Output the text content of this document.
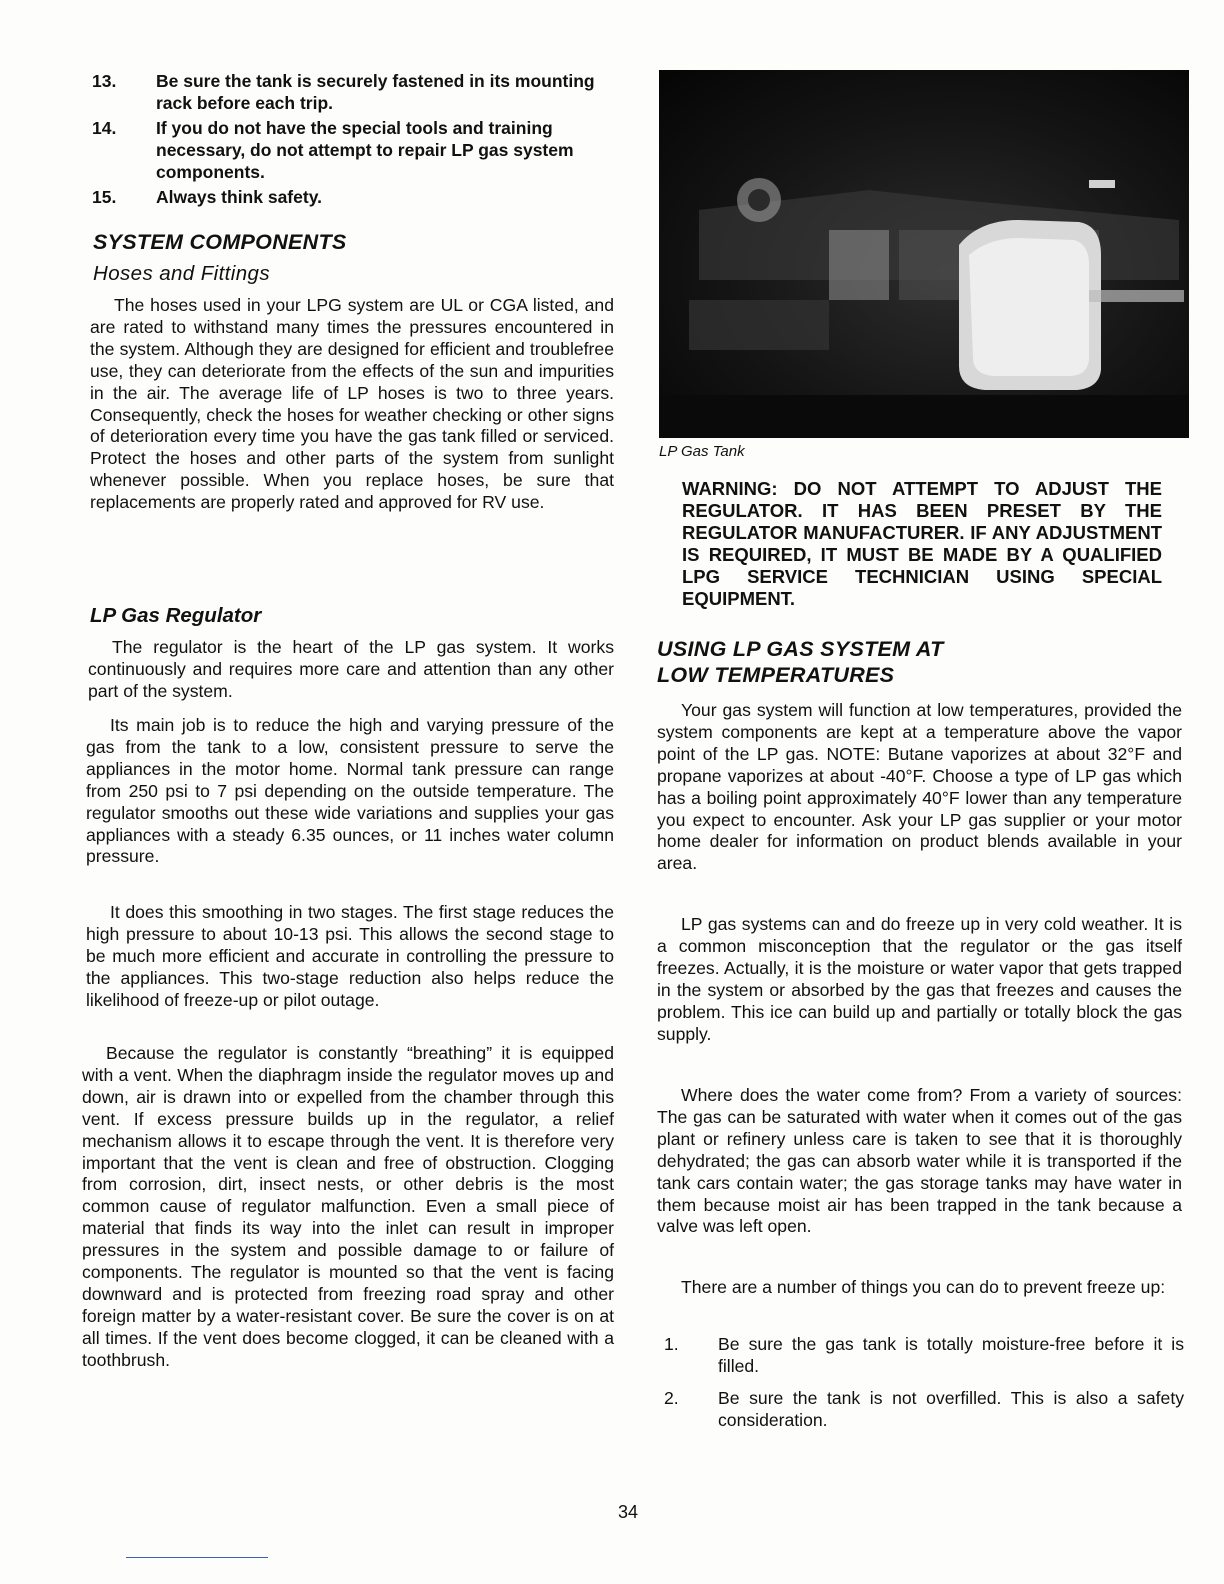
13.	Be sure the tank is securely fastened in its mounting rack before each trip.
14.	If you do not have the special tools and training necessary, do not attempt to repair LP gas system components.
15.	Always think safety.
SYSTEM COMPONENTS
Hoses and Fittings

The hoses used in your LPG system are UL or CGA listed, and are rated to withstand many times the pressures encountered in the system. Although they are designed for efficient and troublefree use, they can deteriorate from the effects of the sun and impurities in the air. The average life of LP hoses is two to three years. Consequently, check the hoses for weather checking or other signs of deterioration every time you have the gas tank filled or serviced. Protect the hoses and other parts of the system from sunlight whenever possible. When you replace hoses, be sure that replacements are properly rated and approved for RV use.

LP Gas Regulator

The regulator is the heart of the LP gas system. It works continuously and requires more care and attention than any other part of the system.

Its main job is to reduce the high and varying pressure of the gas from the tank to a low, consistent pressure to serve the appliances in the motor home. Normal tank pressure can range from 250 psi to 7 psi depending on the outside temperature. The regulator smooths out these wide variations and supplies your gas appliances with a steady 6.35 ounces, or 11 inches water column pressure.

It does this smoothing in two stages. The first stage reduces the high pressure to about 10-13 psi. This allows the second stage to be much more efficient and accurate in controlling the pressure to the appliances. This two-stage reduction also helps reduce the likelihood of freeze-up or pilot outage.

Because the regulator is constantly “breathing” it is equipped with a vent. When the diaphragm inside the regulator moves up and down, air is drawn into or expelled from the chamber through this vent. If excess pressure builds up in the regulator, a relief mechanism allows it to escape through the vent. It is therefore very important that the vent is clean and free of obstruction. Clogging from corrosion, dirt, insect nests, or other debris is the most common cause of regulator malfunction. Even a small piece of material that finds its way into the inlet can result in improper pressures in the system and possible damage to or failure of components. The regulator is mounted so that the vent is facing downward and is protected from freezing road spray and other foreign matter by a water-resistant cover. Be sure the cover is on at all times. If the vent does become clogged, it can be cleaned with a toothbrush.

LP Gas Tank

WARNING: DO NOT ATTEMPT TO ADJUST THE REGULATOR. IT HAS BEEN PRESET BY THE REGULATOR MANUFACTURER. IF ANY ADJUSTMENT IS REQUIRED, IT MUST BE MADE BY A QUALIFIED LPG SERVICE TECHNICIAN USING SPECIAL EQUIPMENT.

USING LP GAS SYSTEM AT
LOW TEMPERATURES

Your gas system will function at low temperatures, provided the system components are kept at a temperature above the vapor point of the LP gas. NOTE: Butane vaporizes at about 32°F and propane vaporizes at about -40°F. Choose a type of LP gas which has a boiling point approximately 40°F lower than any temperature you expect to encounter. Ask your LP gas supplier or your motor home dealer for information on product blends available in your area.

LP gas systems can and do freeze up in very cold weather. It is a common misconception that the regulator or the gas itself freezes. Actually, it is the moisture or water vapor that gets trapped in the system or absorbed by the gas that freezes and causes the problem. This ice can build up and partially or totally block the gas supply.

Where does the water come from? From a variety of sources: The gas can be saturated with water when it comes out of the gas plant or refinery unless care is taken to see that it is thoroughly dehydrated; the gas can absorb water while it is transported if the tank cars contain water; the gas storage tanks may have water in them because moist air has been trapped in the tank because a valve was left open.

There are a number of things you can do to prevent freeze up:

1.	Be sure the gas tank is totally moisture-free before it is filled.
2.	Be sure the tank is not overfilled. This is also a safety consideration.
34
